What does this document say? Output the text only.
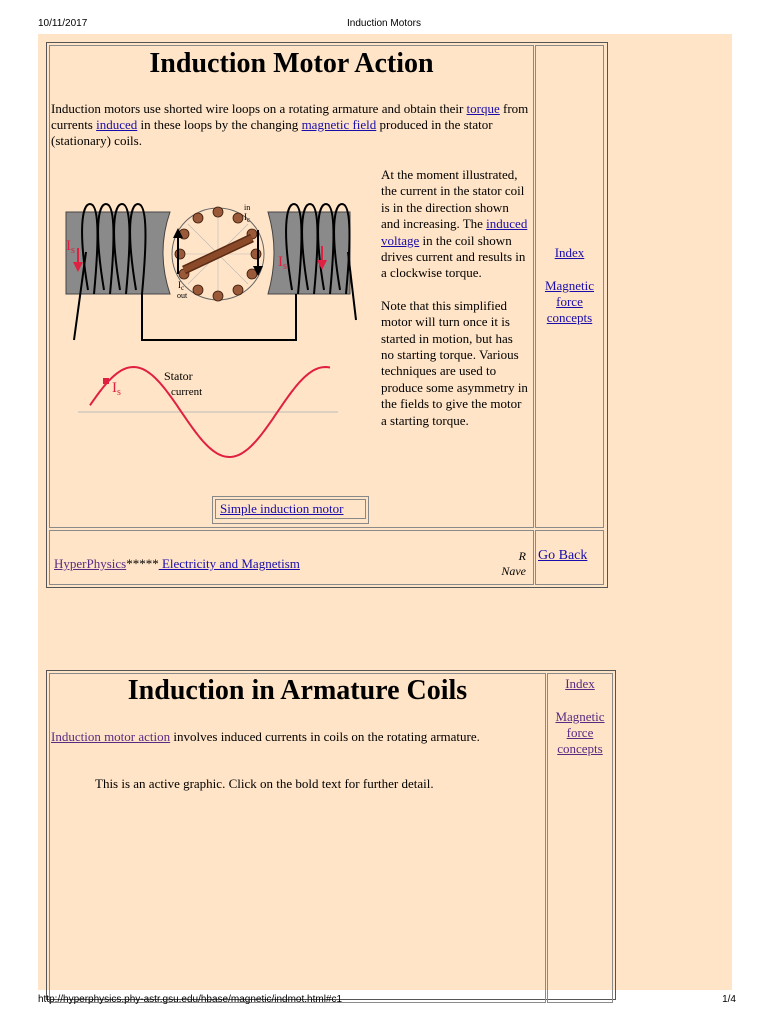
10/11/2017	Induction Motors
Induction Motor Action
Induction motors use shorted wire loops on a rotating armature and obtain their torque from currents induced in these loops by the changing magnetic field produced in the stator (stationary) coils.
$I_s$
$I_s$
in
$I_c$
$I_c$
out
$I_s$
Stator
current
At the moment illustrated, the current in the stator coil is in the direction shown and increasing. The induced voltage in the coil shown drives current and results in a clockwise torque.
Note that this simplified motor will turn once it is started in motion, but has no starting torque. Various techniques are used to produce some asymmetry in the fields to give the motor a starting torque.
Simple induction motor
Index
Magnetic
force
concepts
HyperPhysics***** Electricity and Magnetism	R
Nave
Go Back
Induction in Armature Coils
Induction motor action involves induced currents in coils on the rotating armature.
This is an active graphic. Click on the bold text for further detail.
Index
Magnetic
force
concepts
http://hyperphysics.phy-astr.gsu.edu/hbase/magnetic/indmot.html#c1	1/4
